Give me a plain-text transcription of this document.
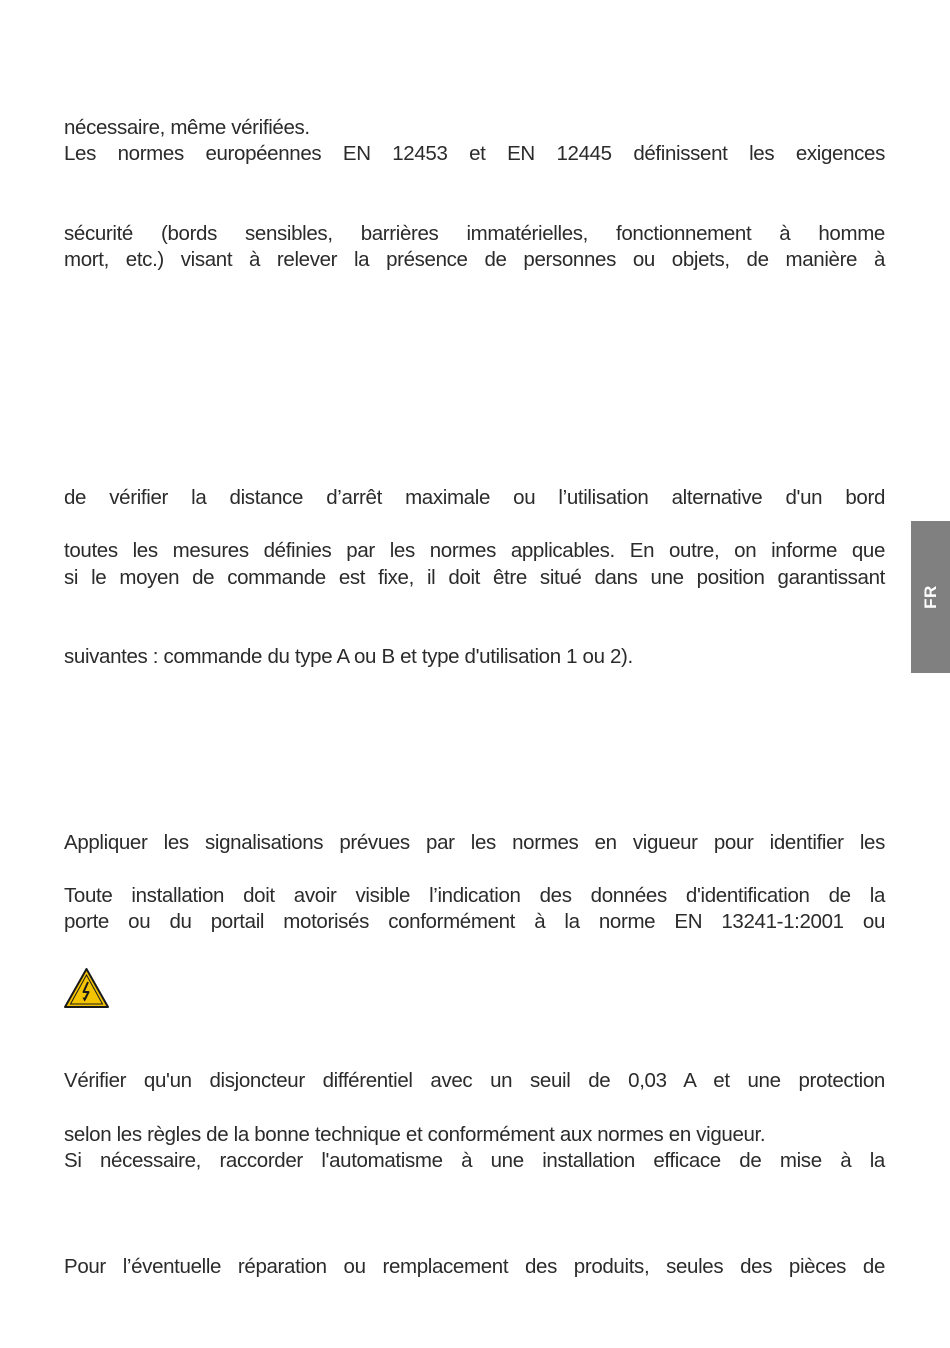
nécessaire, même vérifiées.
Les normes européennes EN 12453 et EN 12445 définissent les exigences
sécurité (bords sensibles, barrières immatérielles, fonctionnement à homme
mort, etc.) visant à relever la présence de personnes ou objets, de manière à
de vérifier la distance d’arrêt maximale ou l’utilisation alternative d'un bord
toutes les mesures définies par les normes applicables. En outre, on informe que
si le moyen de commande est fixe, il doit être situé dans une position garantissant
suivantes : commande du type A ou B et type d'utilisation 1 ou 2).
Appliquer les signalisations prévues par les normes en vigueur pour identifier les
Toute installation doit avoir visible l’indication des données d'identification de la
porte ou du portail motorisés conformément à la norme EN 13241-1:2001 ou
Vérifier qu'un disjoncteur différentiel avec un seuil de 0,03 A et une protection
selon les règles de la bonne technique et conformément aux normes en vigueur.
Si nécessaire, raccorder l'automatisme à une installation efficace de mise à la
Pour l’éventuelle réparation ou remplacement des produits, seules des pièces de
FR
